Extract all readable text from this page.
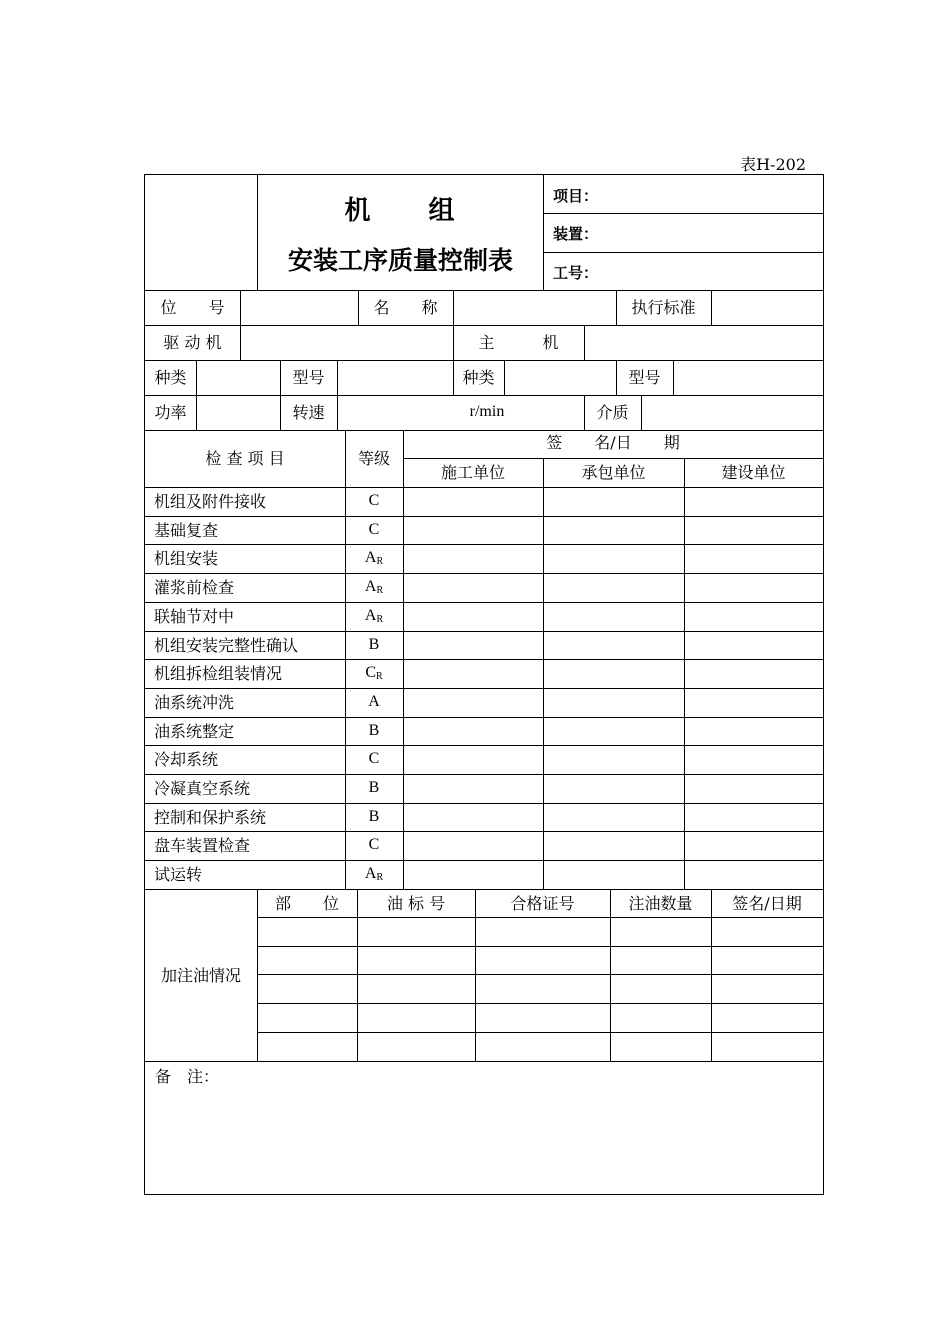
表H-202
机　　组
安装工序质量控制表
项目：
装置：
工号：
位　　号	名　　称	执行标准
驱 动 机	主　　　机
种类	型号	种类	型号
功率	转速	r/min	介质
检 查 项 目	等级
签　　名/日　　期
施工单位	承包单位	建设单位
机组及附件接收	C
基础复查	C
机组安装	AR
灌浆前检查	AR
联轴节对中	AR
机组安装完整性确认	B
机组拆检组装情况	CR
油系统冲洗	A
油系统整定	B
冷却系统	C
冷凝真空系统	B
控制和保护系统	B
盘车装置检查	C
试运转	AR
加注油情况
部　　位	油 标 号	合格证号	注油数量	签名/日期
备　注：
